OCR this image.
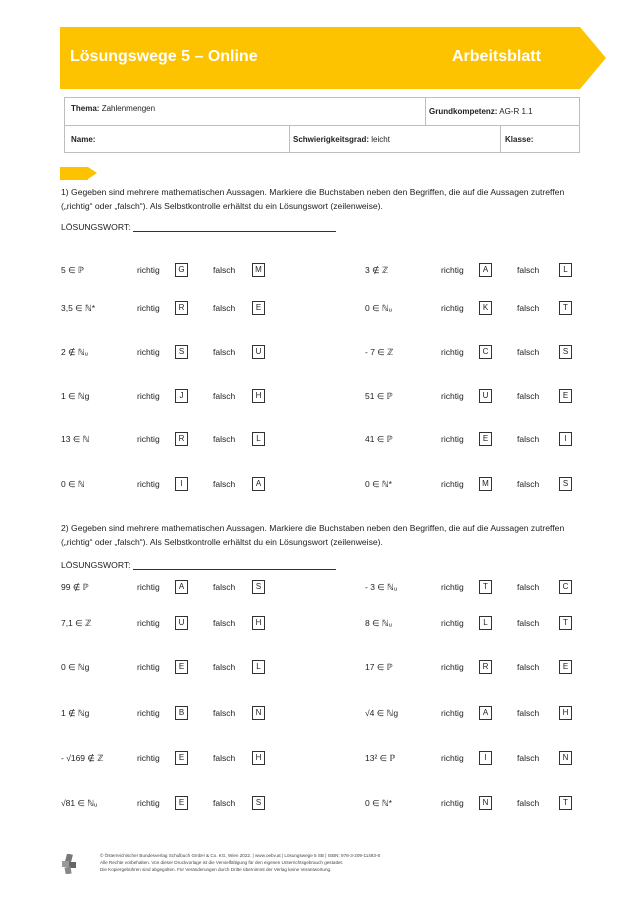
Lösungswege 5 – Online	Arbeitsblatt
Thema: Zahlenmengen	Grundkompetenz: AG-R 1.1
Name:	Schwierigkeitsgrad: leicht	Klasse:
1) Gegeben sind mehrere mathematischen Aussagen. Markiere die Buchstaben neben den Begriffen, die auf die Aussagen zutreffen („richtig“ oder „falsch“). Als Selbstkontrolle erhältst du ein Lösungswort (zeilenweise).
LÖSUNGSWORT:
5 ∈ ℙ	richtig	G	falsch	M	3 ∉ ℤ	richtig	A	falsch	L
3,5 ∈ ℕ*	richtig	R	falsch	E	0 ∈ ℕᵤ	richtig	K	falsch	T
2 ∉ ℕᵤ	richtig	S	falsch	U	- 7 ∈ ℤ	richtig	C	falsch	S
1 ∈ ℕg	richtig	J	falsch	H	51 ∈ ℙ	richtig	U	falsch	E
13 ∈ ℕ	richtig	R	falsch	L	41 ∈ ℙ	richtig	E	falsch	I
0 ∈ ℕ	richtig	I	falsch	A	0 ∈ ℕ*	richtig	M	falsch	S
2) Gegeben sind mehrere mathematischen Aussagen. Markiere die Buchstaben neben den Begriffen, die auf die Aussagen zutreffen („richtig“ oder „falsch“). Als Selbstkontrolle erhältst du ein Lösungswort (zeilenweise).
LÖSUNGSWORT:
99 ∉ ℙ	richtig	A	falsch	S	- 3 ∈ ℕᵤ	richtig	T	falsch	C
7,1 ∈ ℤ	richtig	U	falsch	H	8 ∈ ℕᵤ	richtig	L	falsch	T
0 ∈ ℕg	richtig	E	falsch	L	17 ∈ ℙ	richtig	R	falsch	E
1 ∉ ℕg	richtig	B	falsch	N	√4 ∈ ℕg	richtig	A	falsch	H
- √169 ∉ ℤ	richtig	E	falsch	H	13² ∈ ℙ	richtig	I	falsch	N
√81 ∈ ℕᵤ	richtig	E	falsch	S	0 ∈ ℕ*	richtig	N	falsch	T
© Österreichischer Bundesverlag Schulbuch GmbH & Co. KG, Wien 2022. | www.oebv.at | Lösungswege 5 SB | ISBN: 978-3-209-11493-8
Alle Rechte vorbehalten. Von dieser Druckvorlage ist die Vervielfältigung für den eigenen Unterrichtsgebrauch gestattet.
Die Kopiergebühren sind abgegolten. Für Veränderungen durch Dritte übernimmt der Verlag keine Verantwortung.
